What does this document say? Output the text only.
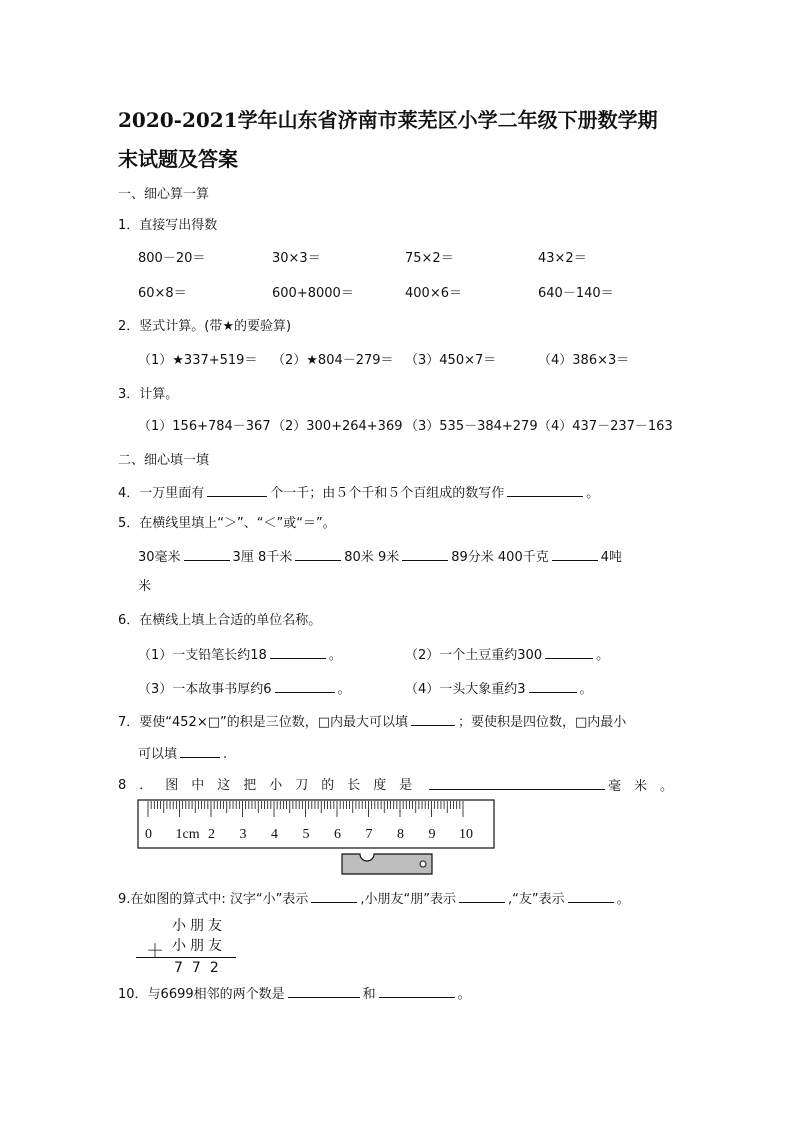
2020-2021学年山东省济南市莱芜区小学二年级下册数学期
末试题及答案
一、细心算一算
1．直接写出得数
800－20＝	30×3＝	75×2＝	43×2＝
60×8＝	600+8000＝	400×6＝	640－140＝
2．竖式计算。(带★的要验算)
（1）★337+519＝ （2）★804－279＝ （3）450×7＝	（4）386×3＝
3．计算。
（1）156+784－367 （2）300+264+369 （3）535－384+279 （4）437－237－163
二、细心填一填
4．一万里面有	个一千；由５个千和５个百组成的数写作	。
5．在横线里填上“＞”、“＜”或“＝”。
30毫米	3厘 8千米	80米 9米	89分米 400千克	4吨
米
6．在横线上填上合适的单位名称。
（1）一支铅笔长约18	。	（2）一个土豆重约300	。
（3）一本故事书厚约6	。	（4）一头大象重约3	。
7．要使“452×□”的积是三位数，□内最大可以填	；要使积是四位数，□内最小
可以填	.
8．图中这把小刀的长度是	毫米。
0 1cm 2 3 4 5 6 7 8 9 10
9.在如图的算式中: 汉字“小”表示	,小朋友“朋”表示	,“友”表示	。
小朋友
＋ 小朋友
772
10．与6699相邻的两个数是	和	。
